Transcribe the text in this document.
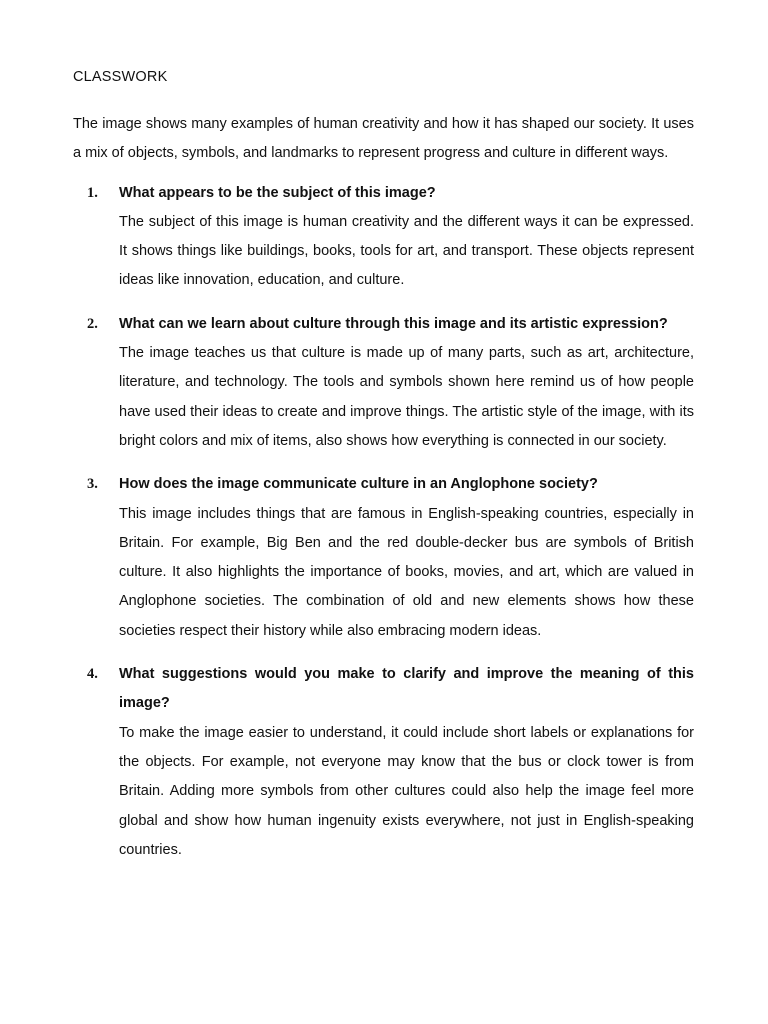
CLASSWORK

The image shows many examples of human creativity and how it has shaped our society. It uses a mix of objects, symbols, and landmarks to represent progress and culture in different ways.

1. What appears to be the subject of this image?

The subject of this image is human creativity and the different ways it can be expressed. It shows things like buildings, books, tools for art, and transport. These objects represent ideas like innovation, education, and culture.

2. What can we learn about culture through this image and its artistic expression?

The image teaches us that culture is made up of many parts, such as art, architecture, literature, and technology. The tools and symbols shown here remind us of how people have used their ideas to create and improve things. The artistic style of the image, with its bright colors and mix of items, also shows how everything is connected in our society.

3. How does the image communicate culture in an Anglophone society?

This image includes things that are famous in English-speaking countries, especially in Britain. For example, Big Ben and the red double-decker bus are symbols of British culture. It also highlights the importance of books, movies, and art, which are valued in Anglophone societies. The combination of old and new elements shows how these societies respect their history while also embracing modern ideas.

4. What suggestions would you make to clarify and improve the meaning of this image?

To make the image easier to understand, it could include short labels or explanations for the objects. For example, not everyone may know that the bus or clock tower is from Britain. Adding more symbols from other cultures could also help the image feel more global and show how human ingenuity exists everywhere, not just in English-speaking countries.
